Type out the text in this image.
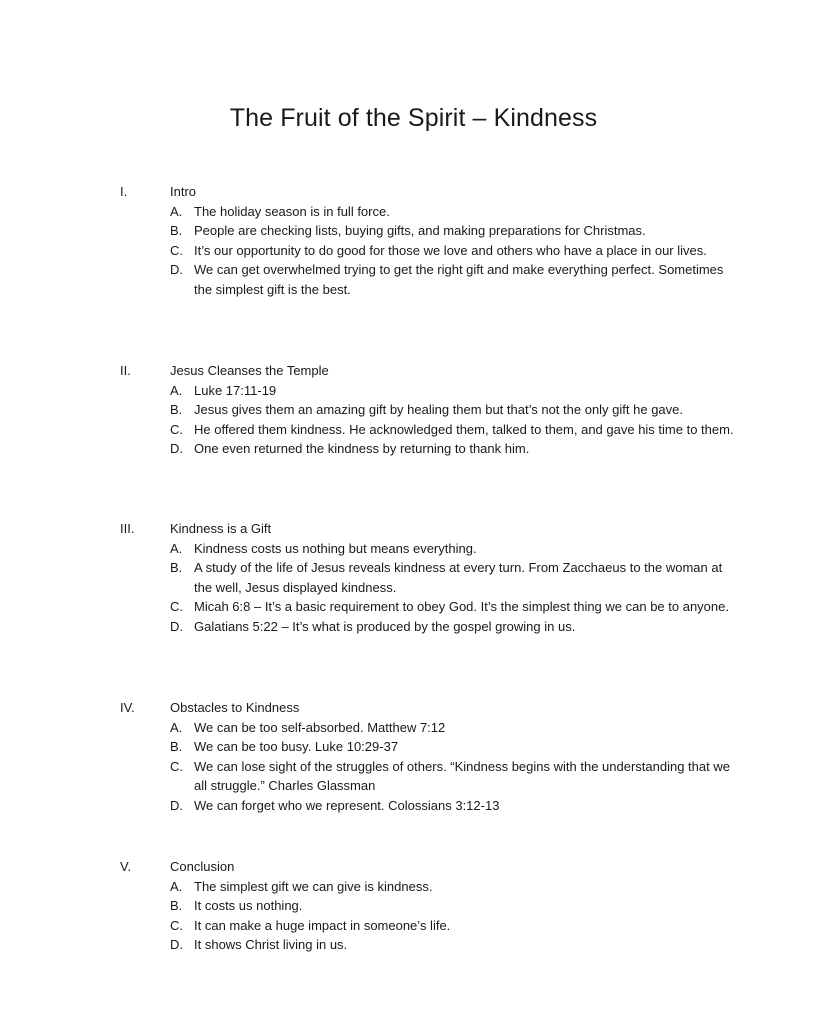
The Fruit of the Spirit – Kindness
I.	Intro
A. The holiday season is in full force.
B. People are checking lists, buying gifts, and making preparations for Christmas.
C. It’s our opportunity to do good for those we love and others who have a place in our lives.
D. We can get overwhelmed trying to get the right gift and make everything perfect. Sometimes the simplest gift is the best.
II.	Jesus Cleanses the Temple
A. Luke 17:11-19
B. Jesus gives them an amazing gift by healing them but that’s not the only gift he gave.
C. He offered them kindness. He acknowledged them, talked to them, and gave his time to them.
D. One even returned the kindness by returning to thank him.
III.	Kindness is a Gift
A. Kindness costs us nothing but means everything.
B. A study of the life of Jesus reveals kindness at every turn. From Zacchaeus to the woman at the well, Jesus displayed kindness.
C. Micah 6:8 – It’s a basic requirement to obey God. It’s the simplest thing we can be to anyone.
D. Galatians 5:22 – It’s what is produced by the gospel growing in us.
IV.	Obstacles to Kindness
A. We can be too self-absorbed. Matthew 7:12
B. We can be too busy. Luke 10:29-37
C. We can lose sight of the struggles of others. “Kindness begins with the understanding that we all struggle.” Charles Glassman
D. We can forget who we represent. Colossians 3:12-13
V.	Conclusion
A. The simplest gift we can give is kindness.
B. It costs us nothing.
C. It can make a huge impact in someone’s life.
D. It shows Christ living in us.
